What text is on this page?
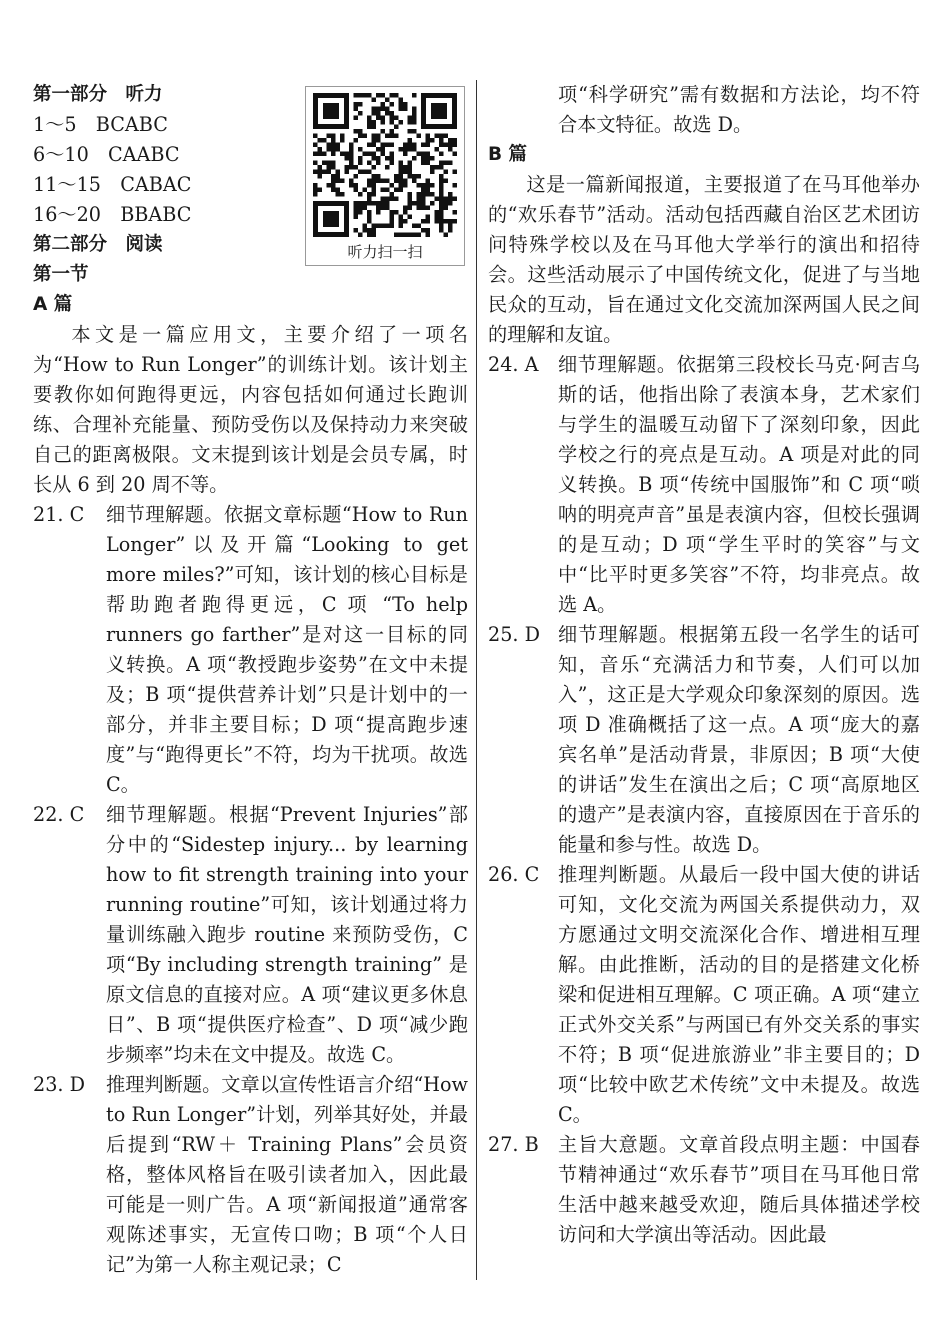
第一部分　听力
1～5　BCABC
6～10　CAABC
11～15　CABAC
16～20　BBABC
第二部分　阅读
第一节
A 篇
本文是一篇应用文，主要介绍了一项名为“How to Run Longer”的训练计划。该计划主要教你如何跑得更远，内容包括如何通过长跑训练、合理补充能量、预防受伤以及保持动力来突破自己的距离极限。文末提到该计划是会员专属，时长从 6 到 20 周不等。
21. C	细节理解题。依据文章标题“How to Run Longer”以及开篇“Looking to get more miles?”可知，该计划的核心目标是帮助跑者跑得更远，C 项 “To help runners go farther”是对这一目标的同义转换。A 项“教授跑步姿势”在文中未提及；B 项“提供营养计划”只是计划中的一部分，并非主要目标；D 项“提高跑步速度”与“跑得更长”不符，均为干扰项。故选 C。
22. C	细节理解题。根据“Prevent Injuries”部分中的“Sidestep injury... by learning how to fit strength training into your running routine”可知，该计划通过将力量训练融入跑步 routine 来预防受伤，C 项“By including strength training” 是原文信息的直接对应。A 项“建议更多休息日”、B 项“提供医疗检查”、D 项“减少跑步频率”均未在文中提及。故选 C。
23. D	推理判断题。文章以宣传性语言介绍“How to Run Longer”计划，列举其好处，并最后提到“RW＋ Training Plans”会员资格，整体风格旨在吸引读者加入，因此最可能是一则广告。A 项“新闻报道”通常客观陈述事实，无宣传口吻；B 项“个人日记”为第一人称主观记录；C
听力扫一扫
项“科学研究”需有数据和方法论，均不符合本文特征。故选 D。
B 篇
这是一篇新闻报道，主要报道了在马耳他举办的“欢乐春节”活动。活动包括西藏自治区艺术团访问特殊学校以及在马耳他大学举行的演出和招待会。这些活动展示了中国传统文化，促进了与当地民众的互动，旨在通过文化交流加深两国人民之间的理解和友谊。
24. A	细节理解题。依据第三段校长马克·阿吉乌斯的话，他指出除了表演本身，艺术家们与学生的温暖互动留下了深刻印象，因此学校之行的亮点是互动。A 项是对此的同义转换。B 项“传统中国服饰”和 C 项“唢呐的明亮声音”虽是表演内容，但校长强调的是互动；D 项“学生平时的笑容”与文中“比平时更多笑容”不符，均非亮点。故选 A。
25. D 细节理解题。根据第五段一名学生的话可知，音乐“充满活力和节奏，人们可以加入”，这正是大学观众印象深刻的原因。选项 D 准确概括了这一点。A 项“庞大的嘉宾名单”是活动背景，非原因；B 项“大使的讲话”发生在演出之后；C 项“高原地区的遗产”是表演内容，直接原因在于音乐的能量和参与性。故选 D。
26. C 推理判断题。从最后一段中国大使的讲话可知，文化交流为两国关系提供动力，双方愿通过文明交流深化合作、增进相互理解。由此推断，活动的目的是搭建文化桥梁和促进相互理解。C 项正确。A 项“建立正式外交关系”与两国已有外交关系的事实不符；B 项“促进旅游业”非主要目的；D 项“比较中欧艺术传统”文中未提及。故选 C。
27. B	主旨大意题。文章首段点明主题：中国春节精神通过“欢乐春节”项目在马耳他日常生活中越来越受欢迎，随后具体描述学校访问和大学演出等活动。因此最
